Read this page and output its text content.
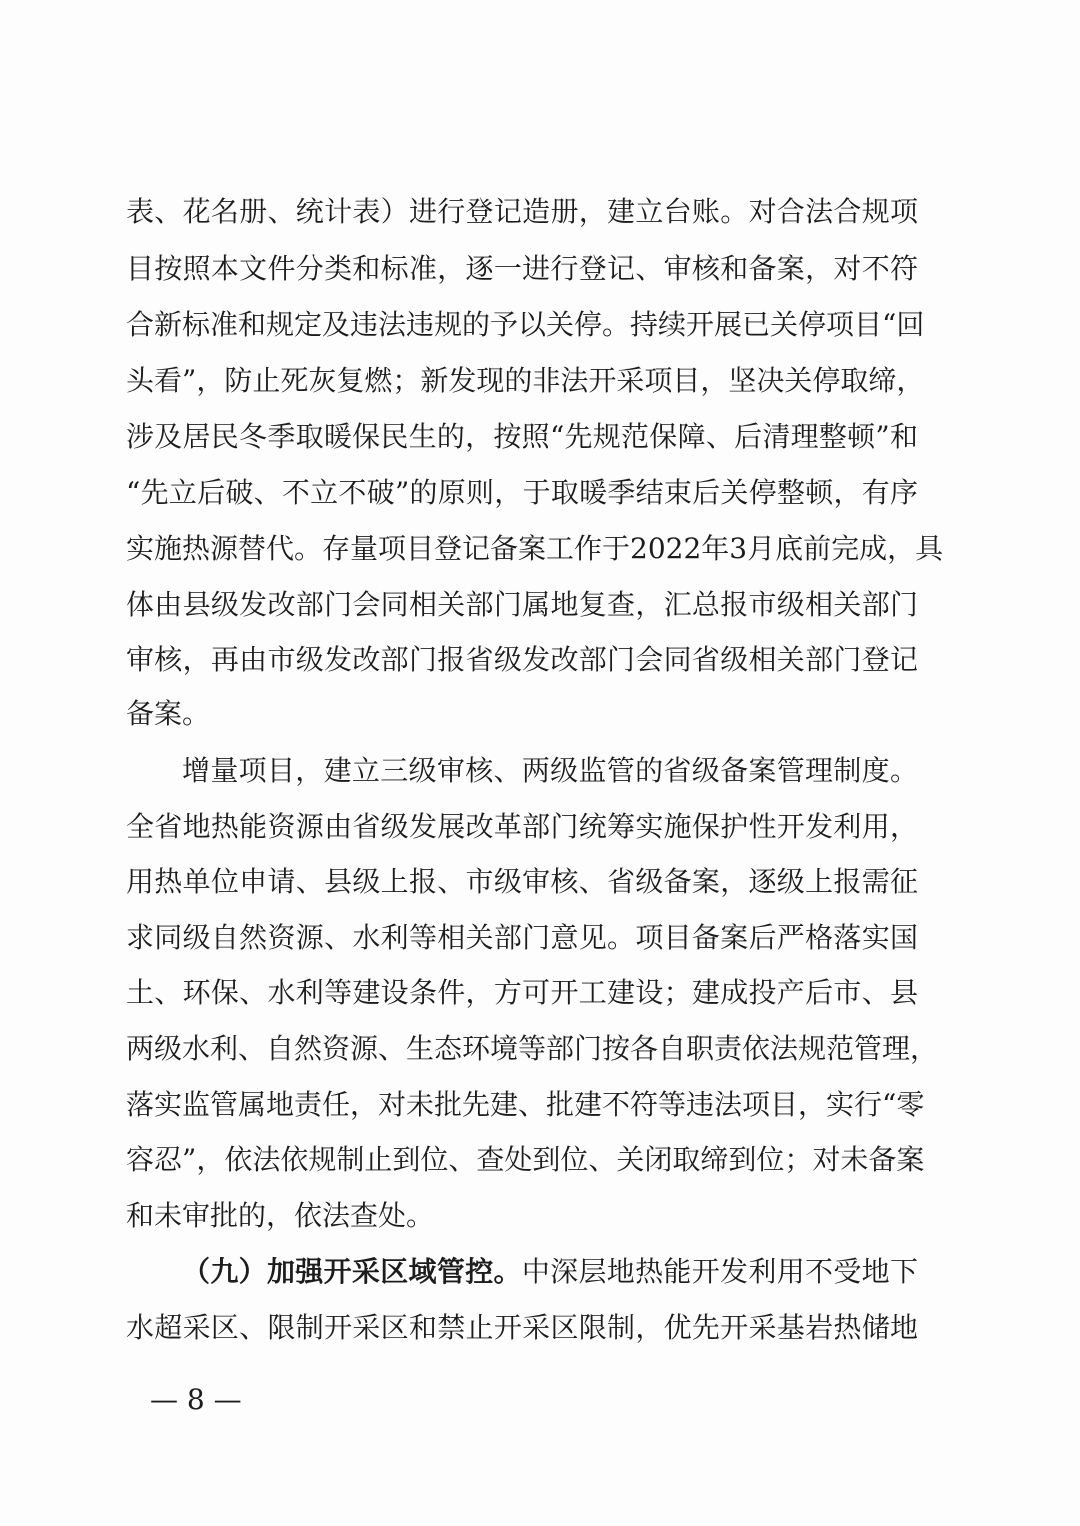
表、花名册、统计表）进行登记造册，建立台账。对合法合规项
目按照本文件分类和标准，逐一进行登记、审核和备案，对不符
合新标准和规定及违法违规的予以关停。持续开展已关停项目“回
头看”，防止死灰复燃；新发现的非法开采项目，坚决关停取缔，
涉及居民冬季取暖保民生的，按照“先规范保障、后清理整顿”和
“先立后破、不立不破”的原则，于取暖季结束后关停整顿，有序
实施热源替代。存量项目登记备案工作于2022年3月底前完成，具
体由县级发改部门会同相关部门属地复查，汇总报市级相关部门
审核，再由市级发改部门报省级发改部门会同省级相关部门登记
备案。
增量项目，建立三级审核、两级监管的省级备案管理制度。
全省地热能资源由省级发展改革部门统筹实施保护性开发利用，
用热单位申请、县级上报、市级审核、省级备案，逐级上报需征
求同级自然资源、水利等相关部门意见。项目备案后严格落实国
土、环保、水利等建设条件，方可开工建设；建成投产后市、县
两级水利、自然资源、生态环境等部门按各自职责依法规范管理，
落实监管属地责任，对未批先建、批建不符等违法项目，实行“零
容忍”，依法依规制止到位、查处到位、关闭取缔到位；对未备案
和未审批的，依法查处。
（九）加强开采区域管控。中深层地热能开发利用不受地下
水超采区、限制开采区和禁止开采区限制，优先开采基岩热储地
— 8 —
